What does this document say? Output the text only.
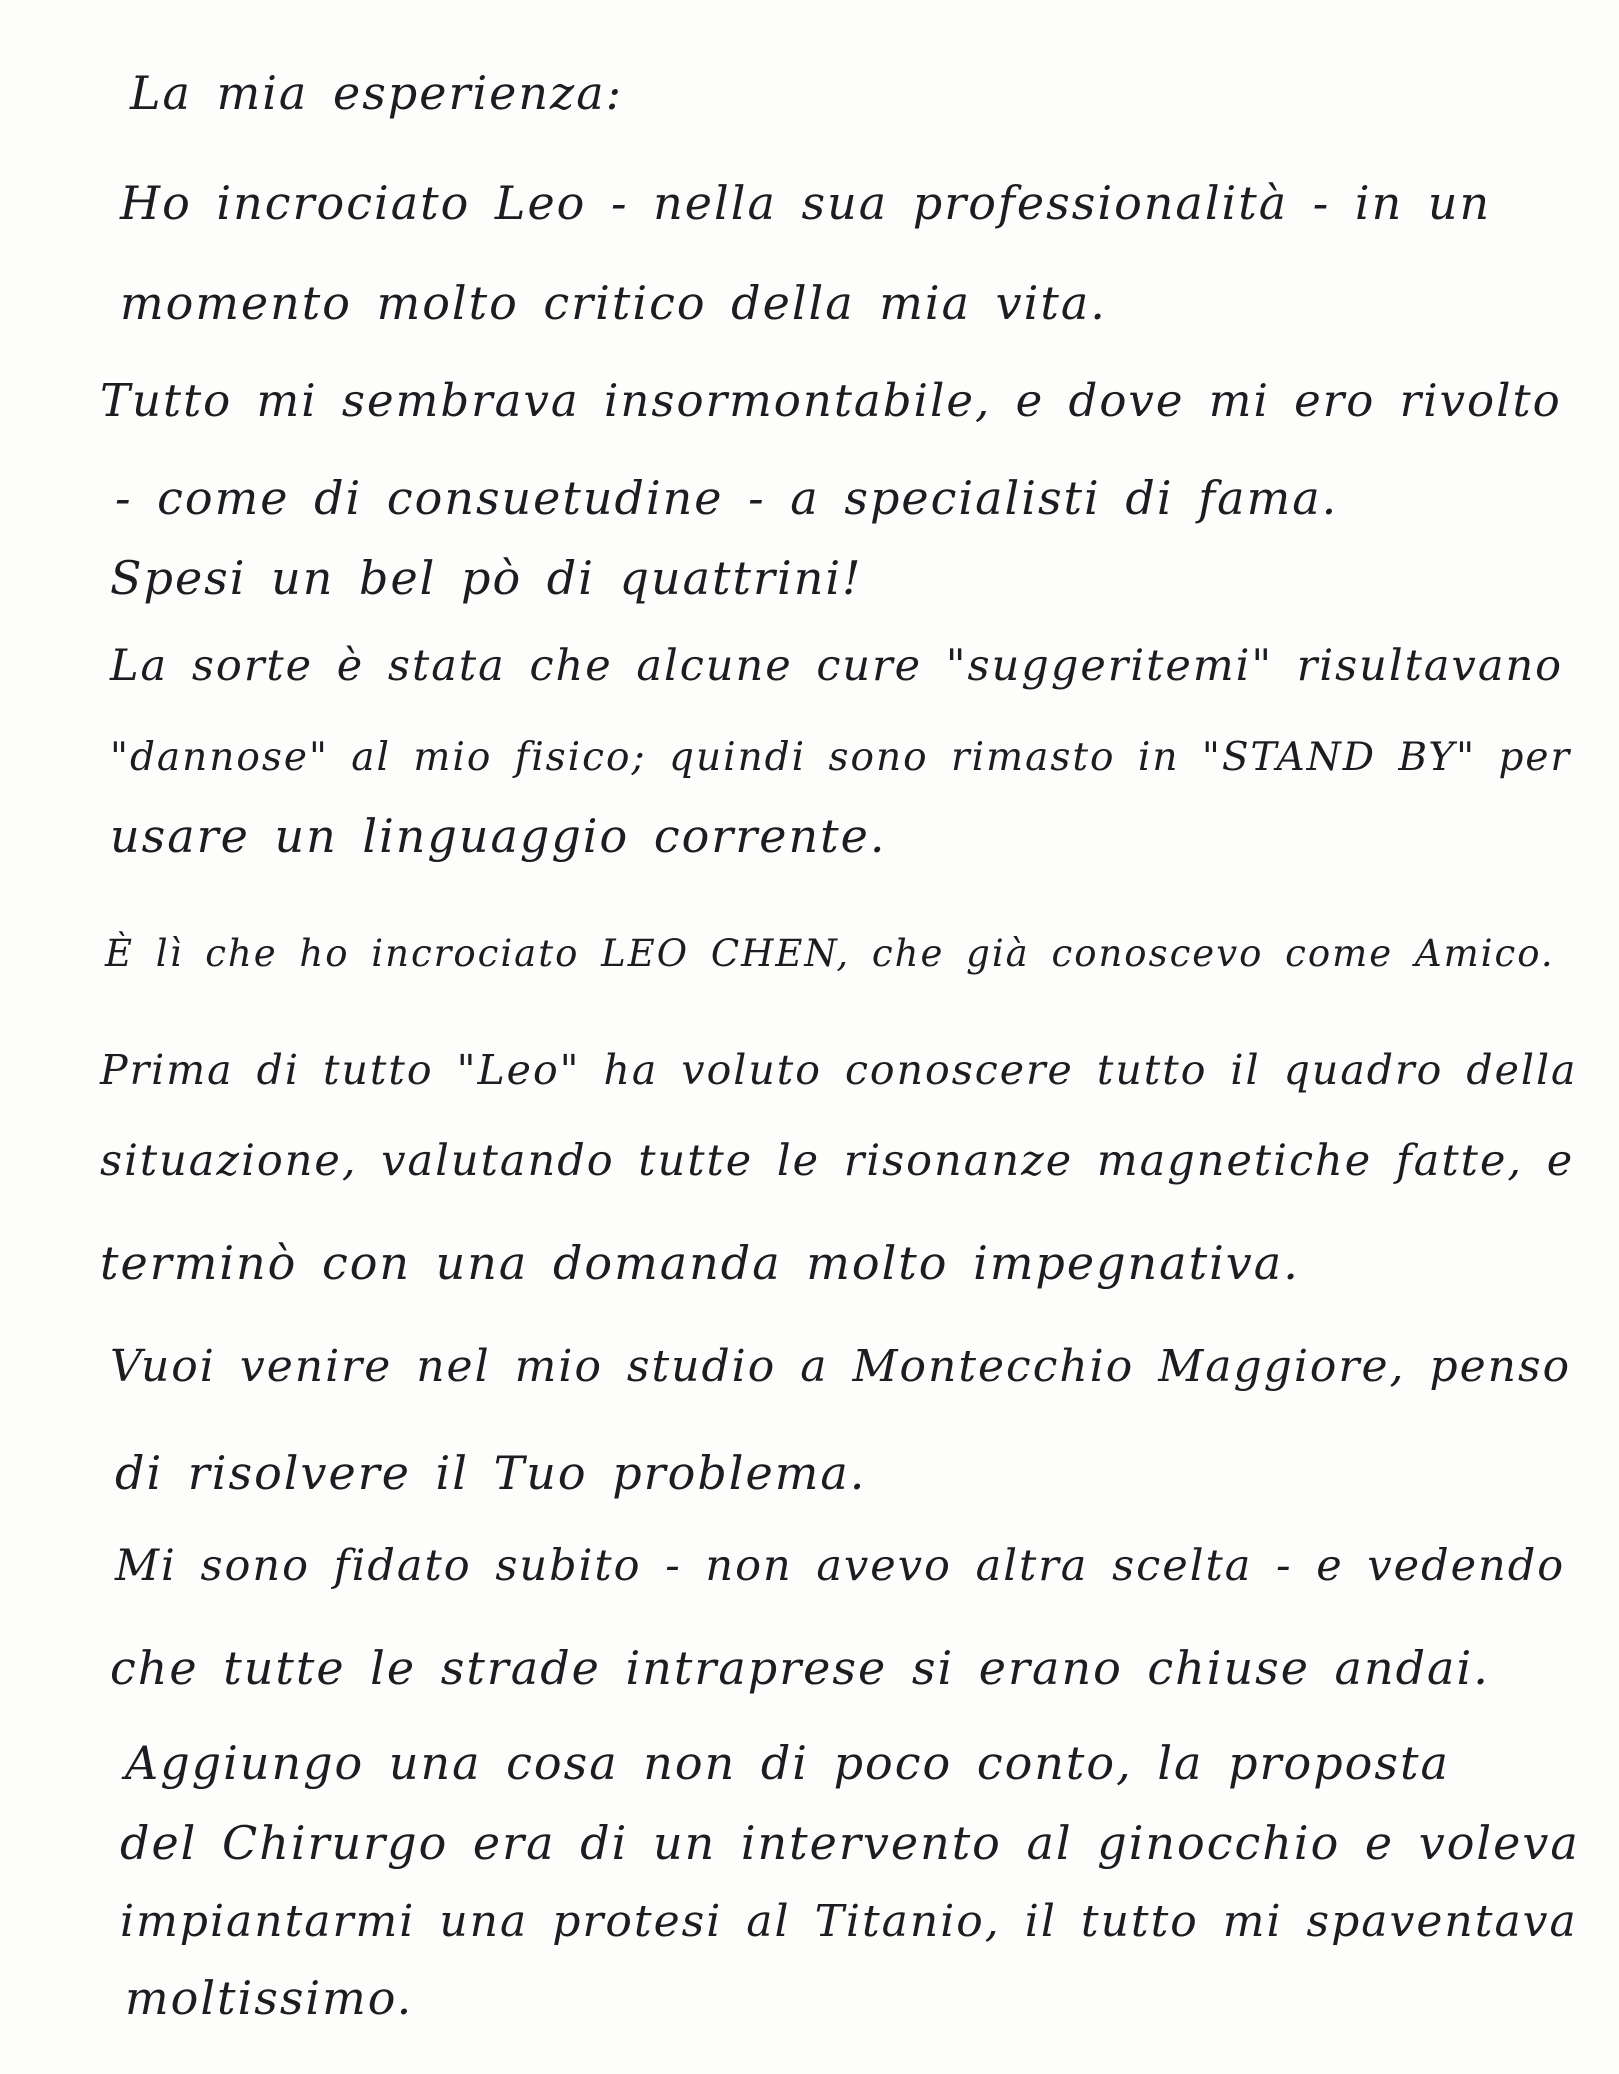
La mia esperienza:
Ho incrociato Leo - nella sua professionalità - in un
momento molto critico della mia vita.
Tutto mi sembrava insormontabile, e dove mi ero rivolto
- come di consuetudine - a specialisti di fama.
Spesi un bel pò di quattrini!
La sorte è stata che alcune cure "suggeritemi" risultavano
"dannose" al mio fisico; quindi sono rimasto in "STAND BY" per
usare un linguaggio corrente.
È lì che ho incrociato LEO CHEN, che già conoscevo come Amico.
Prima di tutto "Leo" ha voluto conoscere tutto il quadro della
situazione, valutando tutte le risonanze magnetiche fatte, e
terminò con una domanda molto impegnativa.
Vuoi venire nel mio studio a Montecchio Maggiore, penso
di risolvere il Tuo problema.
Mi sono fidato subito - non avevo altra scelta - e vedendo
che tutte le strade intraprese si erano chiuse andai.
Aggiungo una cosa non di poco conto, la proposta
del Chirurgo era di un intervento al ginocchio e voleva
impiantarmi una protesi al Titanio, il tutto mi spaventava
moltissimo.
